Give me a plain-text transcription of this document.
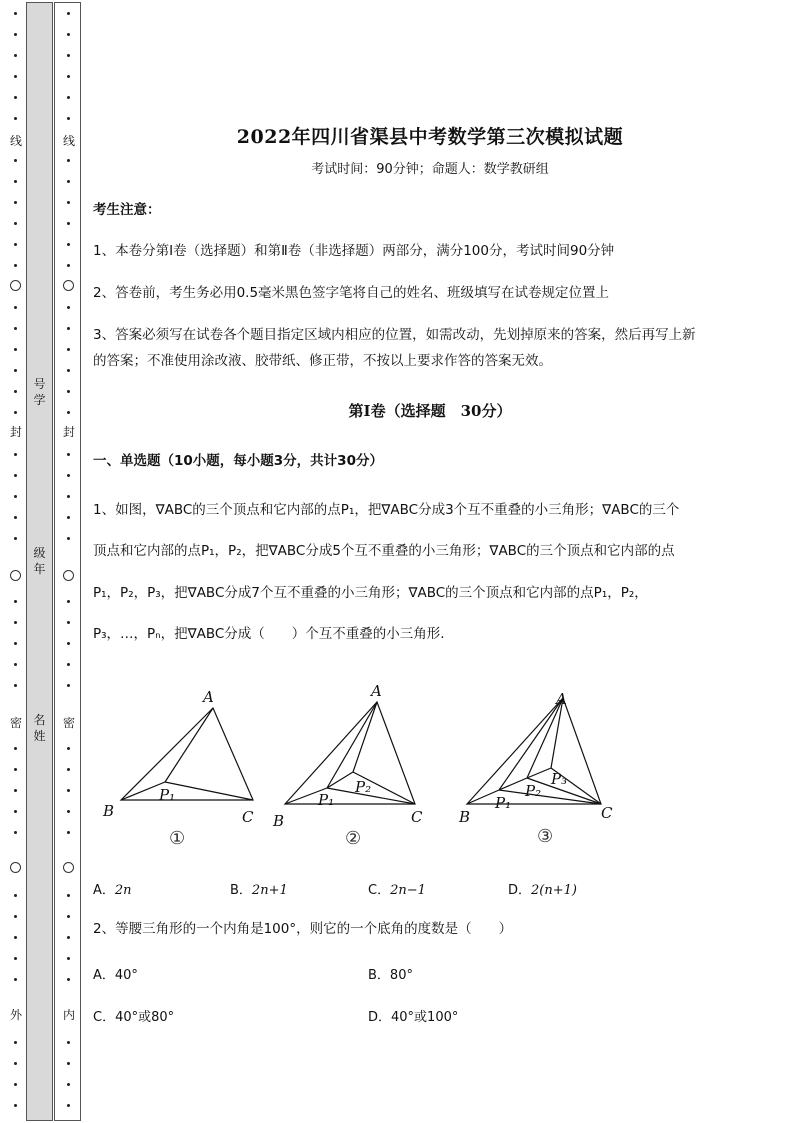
线
封
密
外
线
封
密
内
号
学
级
年
名
姓
2022年四川省渠县中考数学第三次模拟试题
考试时间：90分钟；命题人：数学教研组
考生注意：
1、本卷分第I卷（选择题）和第Ⅱ卷（非选择题）两部分，满分100分，考试时间90分钟
2、答卷前，考生务必用0.5毫米黑色签字笔将自己的姓名、班级填写在试卷规定位置上
3、答案必须写在试卷各个题目指定区域内相应的位置，如需改动，先划掉原来的答案，然后再写上新
的答案；不准使用涂改液、胶带纸、修正带，不按以上要求作答的答案无效。
第I卷（选择题　30分）
一、单选题（10小题，每小题3分，共计30分）
1、如图，∇ABC的三个顶点和它内部的点P₁，把∇ABC分成3个互不重叠的小三角形；∇ABC的三个
顶点和它内部的点P₁，P₂，把∇ABC分成5个互不重叠的小三角形；∇ABC的三个顶点和它内部的点
P₁，P₂，P₃，把∇ABC分成7个互不重叠的小三角形；∇ABC的三个顶点和它内部的点P₁，P₂，
P₃，…，Pₙ，把∇ABC分成（　　）个互不重叠的小三角形.
A
B	C
P₁
A
B	C
P₁
P₂
A
B	C
P₁
P₂
P₃
①	②	③
A．2n	B．2n+1	C．2n−1	D．2(n+1)
2、等腰三角形的一个内角是100°，则它的一个底角的度数是（　　）
A．40°	B．80°
C．40°或80°	D．40°或100°
